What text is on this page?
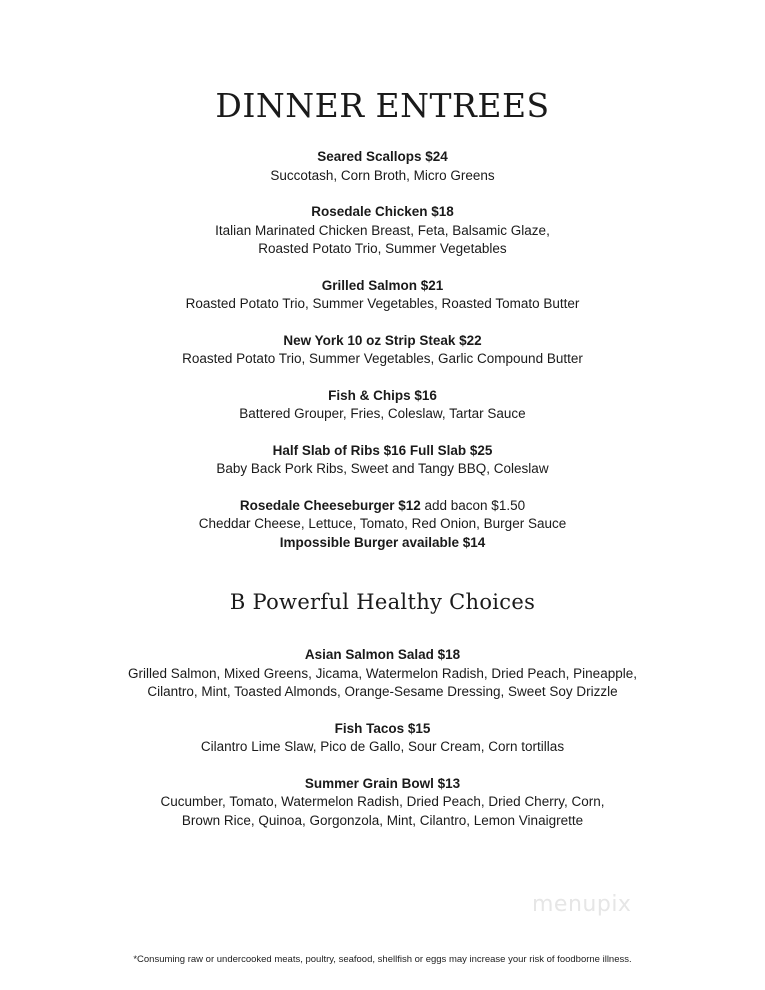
DINNER ENTREES
Seared Scallops $24
Succotash, Corn Broth, Micro Greens
Rosedale Chicken $18
Italian Marinated Chicken Breast, Feta, Balsamic Glaze,
Roasted Potato Trio, Summer Vegetables
Grilled Salmon $21
Roasted Potato Trio, Summer Vegetables, Roasted Tomato Butter
New York 10 oz Strip Steak $22
Roasted Potato Trio, Summer Vegetables, Garlic Compound Butter
Fish & Chips $16
Battered Grouper, Fries, Coleslaw, Tartar Sauce
Half Slab of Ribs $16 Full Slab $25
Baby Back Pork Ribs, Sweet and Tangy BBQ, Coleslaw
Rosedale Cheeseburger $12 add bacon $1.50
Cheddar Cheese, Lettuce, Tomato, Red Onion, Burger Sauce
Impossible Burger available $14
B Powerful Healthy Choices
Asian Salmon Salad $18
Grilled Salmon, Mixed Greens, Jicama, Watermelon Radish, Dried Peach, Pineapple,
Cilantro, Mint, Toasted Almonds, Orange-Sesame Dressing, Sweet Soy Drizzle
Fish Tacos $15
Cilantro Lime Slaw, Pico de Gallo, Sour Cream, Corn tortillas
Summer Grain Bowl $13
Cucumber, Tomato, Watermelon Radish, Dried Peach, Dried Cherry, Corn,
Brown Rice, Quinoa, Gorgonzola, Mint, Cilantro, Lemon Vinaigrette
menupix
*Consuming raw or undercooked meats, poultry, seafood, shellfish or eggs may increase your risk of foodborne illness.
